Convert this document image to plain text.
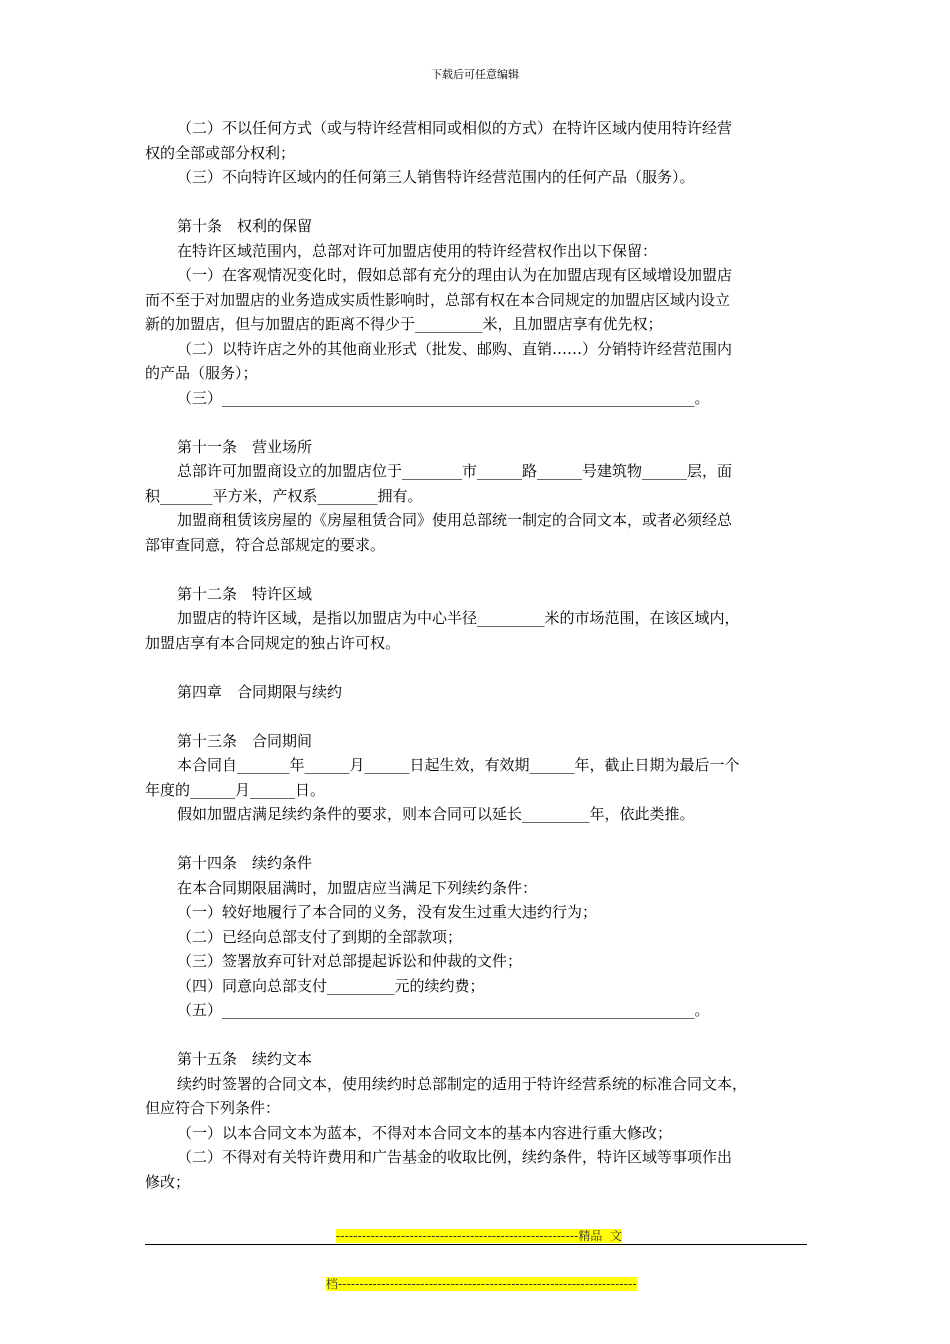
下载后可任意编辑

（二）不以任何方式（或与特许经营相同或相似的方式）在特许区域内使用特许经营

权的全部或部分权利；

（三）不向特许区域内的任何第三人销售特许经营范围内的任何产品（服务）。

第十条　权利的保留

在特许区域范围内，总部对许可加盟店使用的特许经营权作出以下保留：

（一）在客观情况变化时，假如总部有充分的理由认为在加盟店现有区域增设加盟店

而不至于对加盟店的业务造成实质性影响时，总部有权在本合同规定的加盟店区域内设立

新的加盟店，但与加盟店的距离不得少于_________米，且加盟店享有优先权；

（二）以特许店之外的其他商业形式（批发、邮购、直销……）分销特许经营范围内

的产品（服务）；

（三）_______________________________________________________________。

第十一条　营业场所

总部许可加盟商设立的加盟店位于________市______路______号建筑物______层，面

积_______平方米，产权系________拥有。

加盟商租赁该房屋的《房屋租赁合同》使用总部统一制定的合同文本，或者必须经总

部审查同意，符合总部规定的要求。

第十二条　特许区域

加盟店的特许区域，是指以加盟店为中心半径_________米的市场范围，在该区域内，

加盟店享有本合同规定的独占许可权。

第四章　合同期限与续约

第十三条　合同期间

本合同自_______年______月______日起生效，有效期______年，截止日期为最后一个

年度的______月______日。

假如加盟店满足续约条件的要求，则本合同可以延长_________年，依此类推。

第十四条　续约条件

在本合同期限届满时，加盟店应当满足下列续约条件：

（一）较好地履行了本合同的义务，没有发生过重大违约行为；

（二）已经向总部支付了到期的全部款项；

（三）签署放弃可针对总部提起诉讼和仲裁的文件；

（四）同意向总部支付_________元的续约费；

（五）_______________________________________________________________。

第十五条　续约文本

续约时签署的合同文本，使用续约时总部制定的适用于特许经营系统的标准合同文本，

但应符合下列条件：

（一）以本合同文本为蓝本，不得对本合同文本的基本内容进行重大修改；

（二）不得对有关特许费用和广告基金的收取比例，续约条件，特许区域等事项作出

修改；

--------------------------------------------------------精品  文

档---------------------------------------------------------------------
